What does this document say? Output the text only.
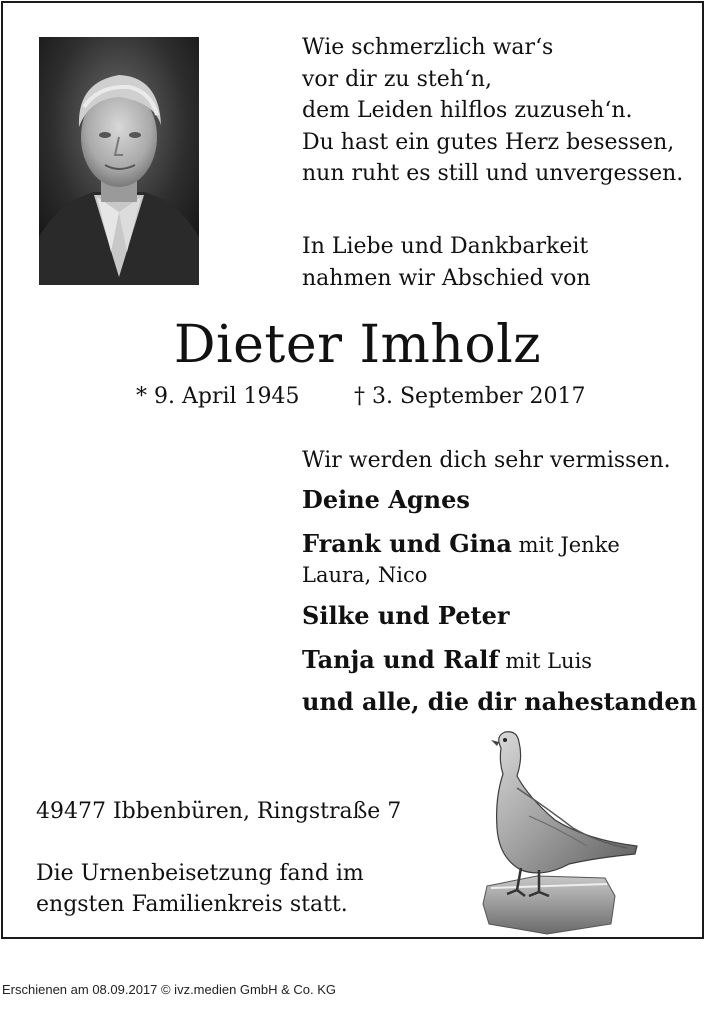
Wie schmerzlich war‘s
vor dir zu steh‘n,
dem Leiden hilflos zuzuseh‘n.
Du hast ein gutes Herz besessen,
nun ruht es still und unvergessen.
In Liebe und Dankbarkeit
nahmen wir Abschied von
Dieter Imholz
* 9. April 1945 † 3. September 2017
Wir werden dich sehr vermissen.
Deine Agnes
Frank und Gina mit Jenke
Laura, Nico
Silke und Peter
Tanja und Ralf mit Luis
und alle, die dir nahestanden
49477 Ibbenbüren, Ringstraße 7
Die Urnenbeisetzung fand im
engsten Familienkreis statt.
Erschienen am 08.09.2017 © ivz.medien GmbH & Co. KG
